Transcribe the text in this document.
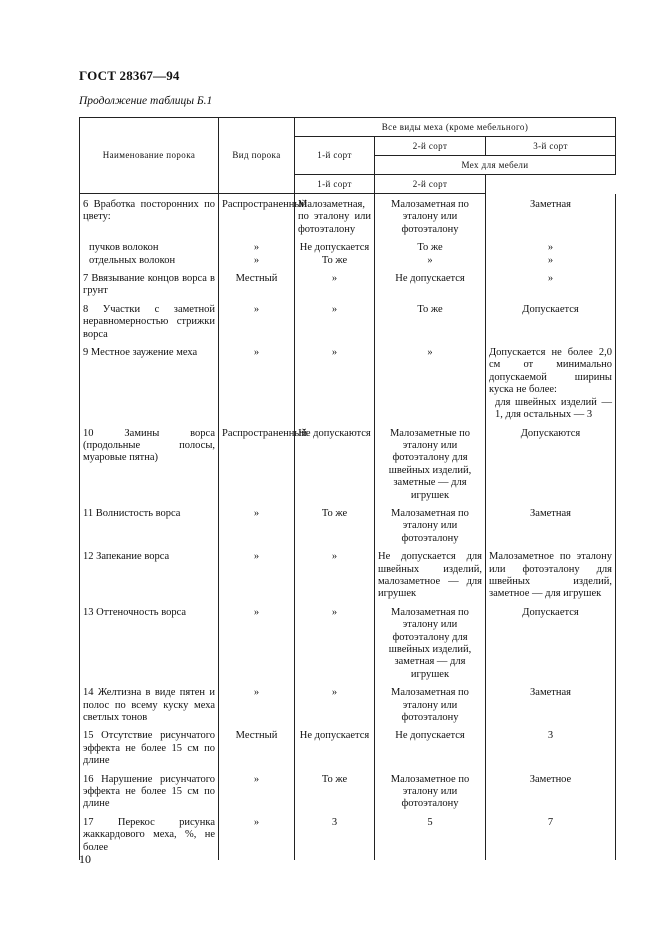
ГОСТ 28367—94
Продолжение таблицы Б.1
Наименование порока	Вид порока	Все виды меха (кроме мебельного)		
		1-й сорт	2-й сорт	3-й сорт
			Мех для мебели	
		1-й сорт	2-й сорт	
6 Вработка посторонних по цвету:	Распространенный	Малозаметная, по эталону или фотоэталону	Малозаметная по эталону или фотоэталону	Заметная

пучков волокон	»	Не допускается	То же	»

отдельных волокон	»	То же	»	»
7 Ввязывание концов ворса в грунт	Местный	»	Не допускается	»
8 Участки с заметной неравномерностью стрижки ворса	»	»	То же	Допускается
9 Местное заужение меха	»	»	»	Допускается не более 2,0 см от минимально допускаемой ширины куска не более:
для швейных изделий — 1, для остальных — 3

10 Замины ворса (продольные полосы, муаровые пятна)	Распространенный	Не допускаются	Малозаметные по эталону или фотоэталону для швейных изделий, заметные — для игрушек	Допускаются
11 Волнистость ворса	»	То же	Малозаметная по эталону или фотоэталону	Заметная
12 Запекание ворса	»	»	Не допускается для швейных изделий, малозаметное — для игрушек	Малозаметное по эталону или фотоэталону для швейных изделий, заметное — для игрушек
13 Оттеночность ворса	»	»	Малозаметная по эталону или фотоэталону для швейных изделий, заметная — для игрушек	Допускается
14 Желтизна в виде пятен и полос по всему куску меха светлых тонов	»	»	Малозаметная по эталону или фотоэталону	Заметная
15 Отсутствие рисунчатого эффекта не более 15 см по длине	Местный	Не допускается	Не допускается	3
16 Нарушение рисунчатого эффекта не более 15 см по длине	»	То же	Малозаметное по эталону или фотоэталону	Заметное
17 Перекос рисунка жаккардового меха, %, не более	»	3	5	7
10
